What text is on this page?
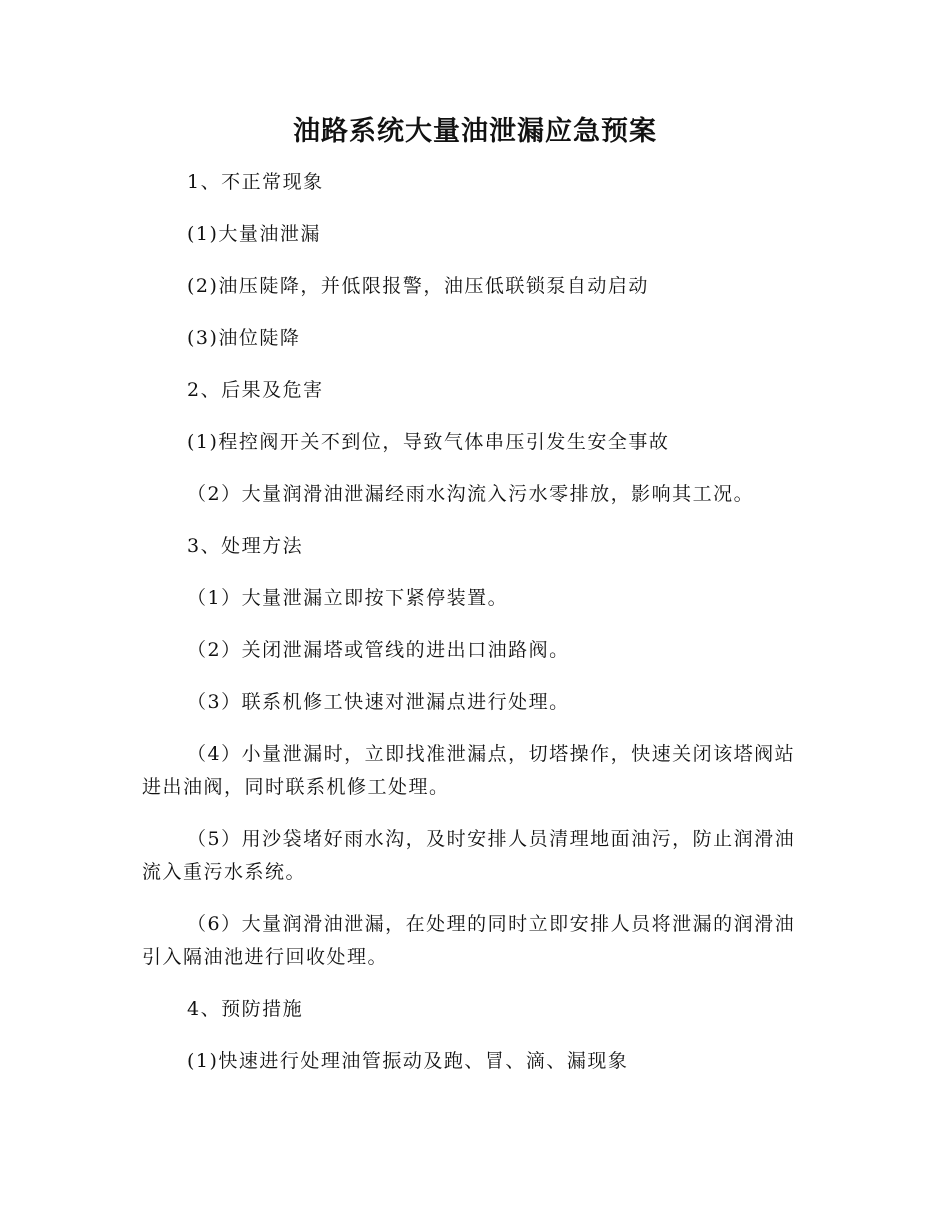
油路系统大量油泄漏应急预案

1、不正常现象

(1)大量油泄漏

(2)油压陡降，并低限报警，油压低联锁泵自动启动

(3)油位陡降

2、后果及危害

(1)程控阀开关不到位，导致气体串压引发生安全事故

（2）大量润滑油泄漏经雨水沟流入污水零排放，影响其工况。

3、处理方法

（1）大量泄漏立即按下紧停装置。

（2）关闭泄漏塔或管线的进出口油路阀。

（3）联系机修工快速对泄漏点进行处理。

（4）小量泄漏时，立即找准泄漏点，切塔操作，快速关闭该塔阀站进出油阀，同时联系机修工处理。

（5）用沙袋堵好雨水沟，及时安排人员清理地面油污，防止润滑油流入重污水系统。

（6）大量润滑油泄漏，在处理的同时立即安排人员将泄漏的润滑油引入隔油池进行回收处理。

4、预防措施

(1)快速进行处理油管振动及跑、冒、滴、漏现象
